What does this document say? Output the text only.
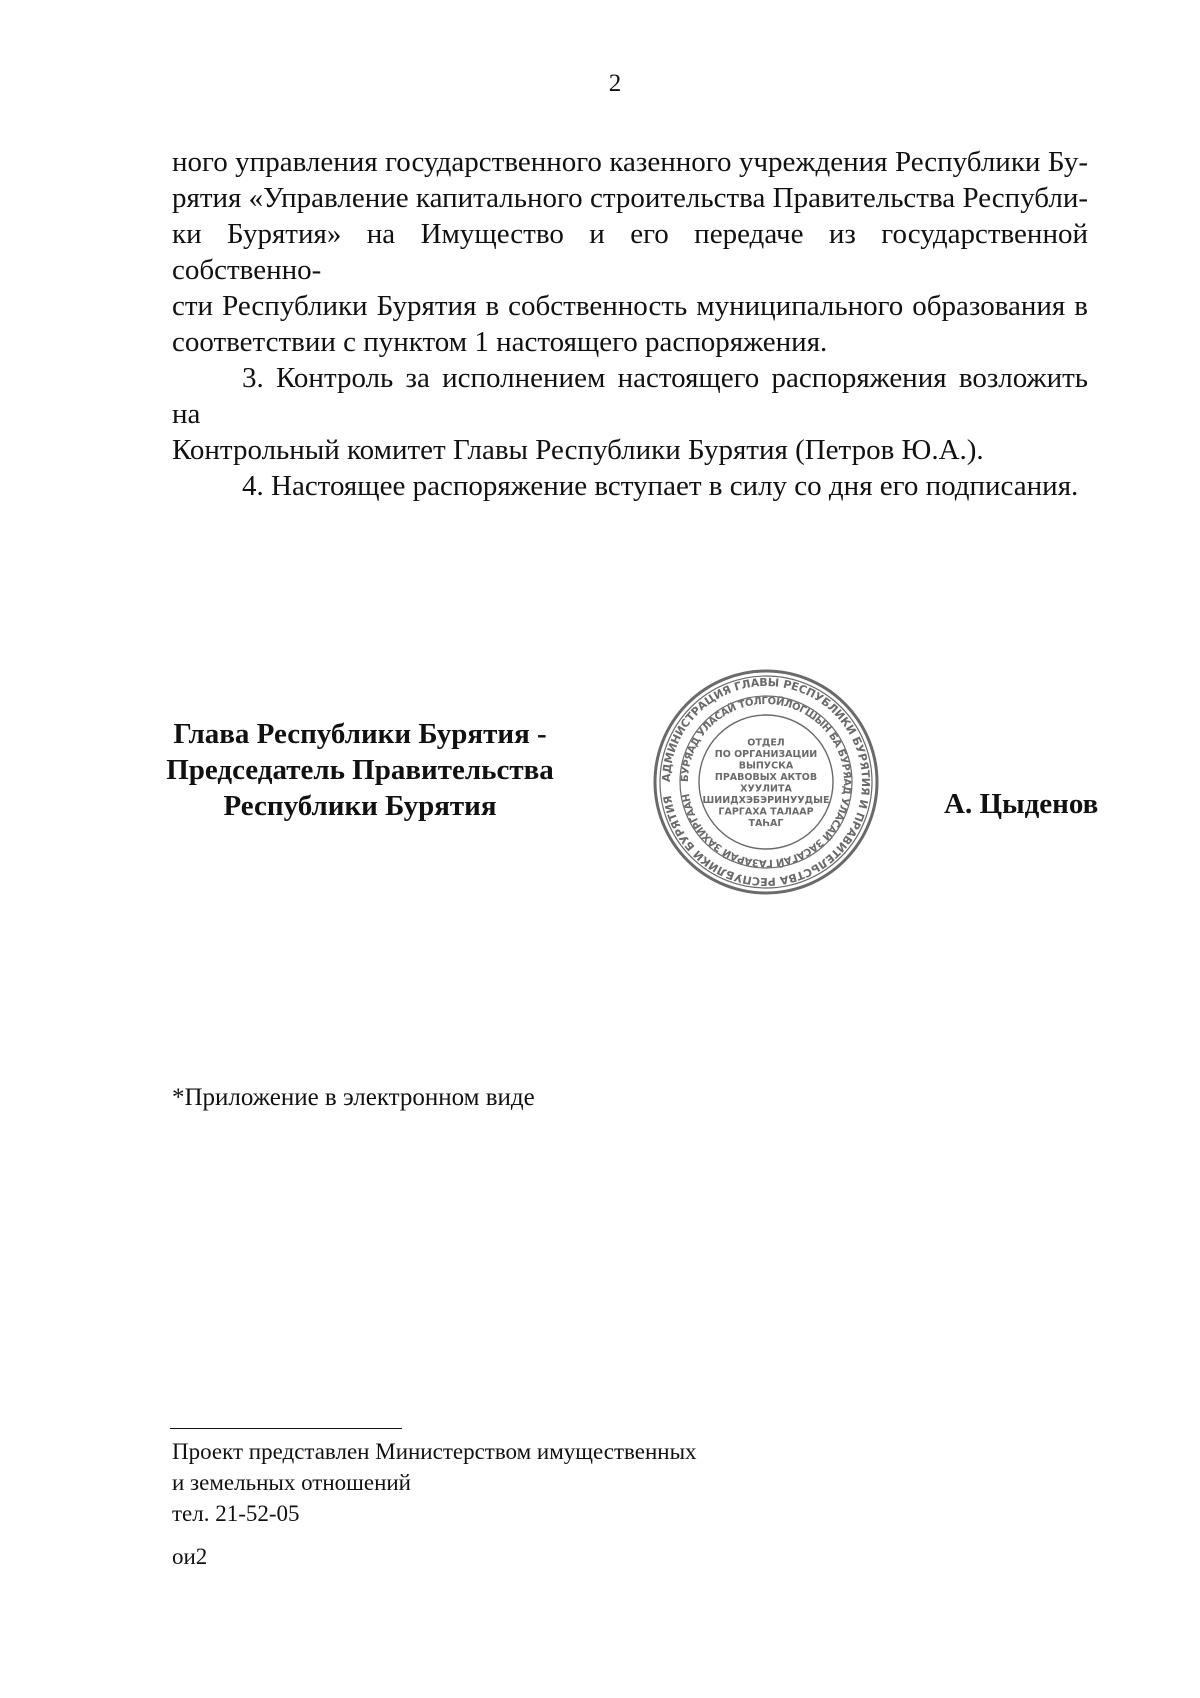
2
ного управления государственного казенного учреждения Республики Бу-
рятия «Управление капитального строительства Правительства Республи-
ки Бурятия» на Имущество и его передаче из государственной собственно-
сти Республики Бурятия в собственность муниципального образования в
соответствии с пунктом 1 настоящего распоряжения.
3. Контроль за исполнением настоящего распоряжения возложить на
Контрольный комитет Главы Республики Бурятия (Петров Ю.А.).
4. Настоящее распоряжение вступает в силу со дня его подписания.
Глава Республики Бурятия -
Председатель Правительства
Республики Бурятия
АДМИНИСТРАЦИЯ ГЛАВЫ РЕСПУБЛИКИ БУРЯТИЯ И ПРАВИТЕЛЬСТВА РЕСПУБЛИКИ БУРЯТИЯ
БУРЯАД УЛАСАЙ ТОЛГОЙЛОГШЫН БА БУРЯАД УЛАСАЙ ЗАСАГАЙ ГАЗАРАЙ ЗАХИРГААН
ОТДЕЛ
ПО ОРГАНИЗАЦИИ
ВЫПУСКА
ПРАВОВЫХ АКТОВ
ХУУЛИТА
ШИИДХЭБЭРИНУУДЫЕ
ГАРГАХА ТАЛААР
ТАҺАГ
А. Цыденов
*Приложение в электронном виде
Проект представлен Министерством имущественных
и земельных отношений
тел. 21-52-05
ои2
